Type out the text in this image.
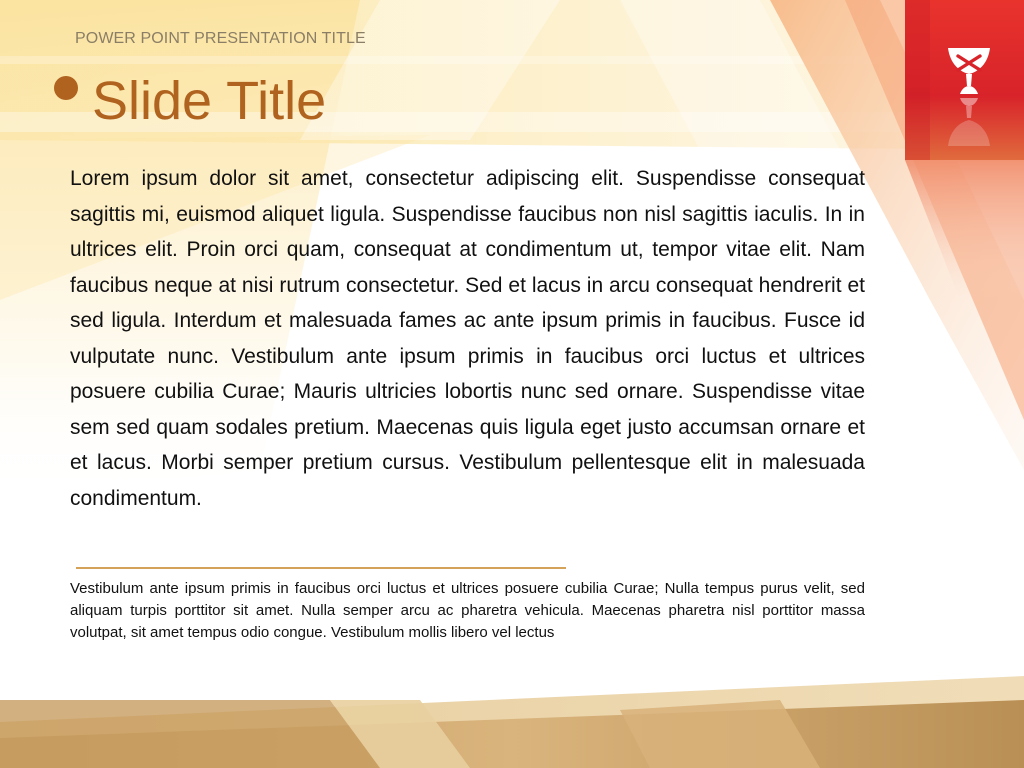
POWER POINT PRESENTATION TITLE
Slide Title

Lorem ipsum dolor sit amet, consectetur adipiscing elit. Suspendisse consequat sagittis mi, euismod aliquet ligula. Suspendisse faucibus non nisl sagittis iaculis. In in ultrices elit. Proin orci quam, consequat at condimentum ut, tempor vitae elit. Nam faucibus neque at nisi rutrum consectetur. Sed et lacus in arcu consequat hendrerit et sed ligula. Interdum et malesuada fames ac ante ipsum primis in faucibus. Fusce id vulputate nunc. Vestibulum ante ipsum primis in faucibus orci luctus et ultrices posuere cubilia Curae; Mauris ultricies lobortis nunc sed ornare. Suspendisse vitae sem sed quam sodales pretium. Maecenas quis ligula eget justo accumsan ornare et et lacus. Morbi semper pretium cursus. Vestibulum pellentesque elit in malesuada condimentum.

Vestibulum ante ipsum primis in faucibus orci luctus et ultrices posuere cubilia Curae; Nulla tempus purus velit, sed aliquam turpis porttitor sit amet. Nulla semper arcu ac pharetra vehicula. Maecenas pharetra nisl porttitor massa volutpat, sit amet tempus odio congue. Vestibulum mollis libero vel lectus
